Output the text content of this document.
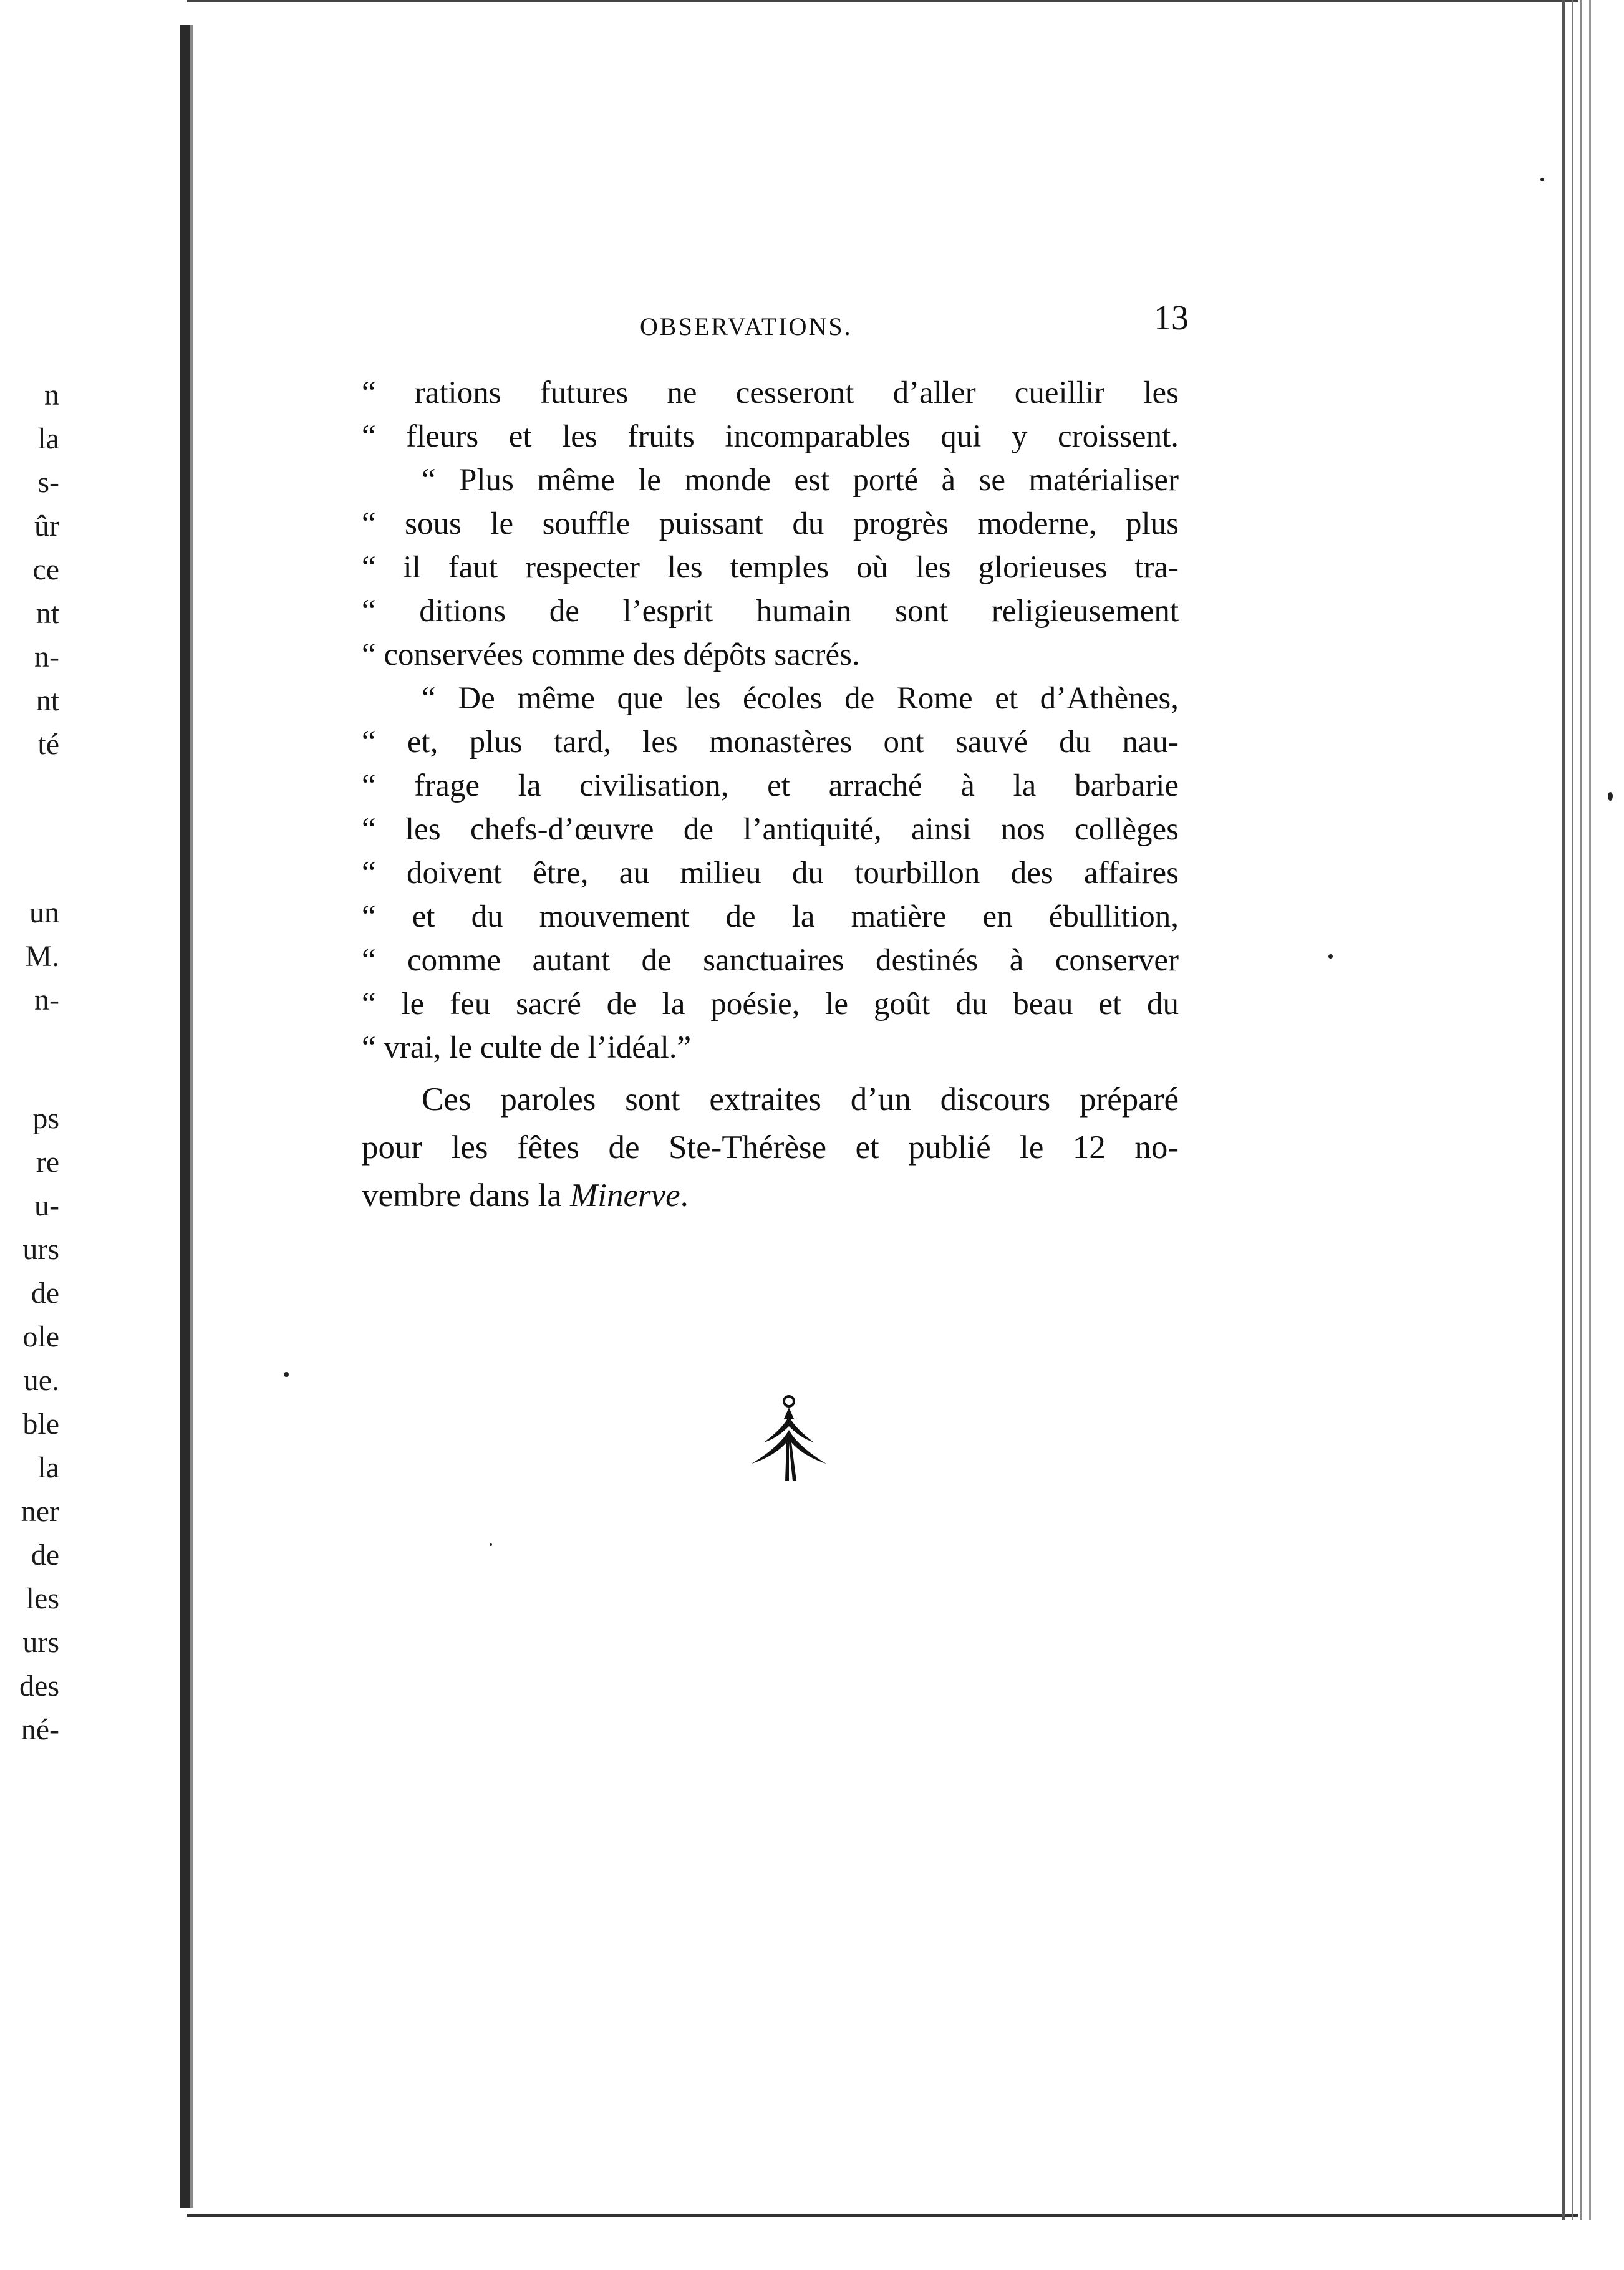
n
la
s-
ûr
ce
nt
n-
nt
té
un
M.
n-
ps
re
u-
urs
de
ole
ue.
ble
la
ner
de
les
urs
des
né-
OBSERVATIONS.	13
“ rations futures ne cesseront d’aller cueillir les
“ fleurs et les fruits incomparables qui y croissent.
“ Plus même le monde est porté à se matérialiser
“ sous le souffle puissant du progrès moderne, plus
“ il faut respecter les temples où les glorieuses tra-
“ ditions de l’esprit humain sont religieusement
“ conservées comme des dépôts sacrés.
“ De même que les écoles de Rome et d’Athènes,
“ et, plus tard, les monastères ont sauvé du nau-
“ frage la civilisation, et arraché à la barbarie
“ les chefs-d’œuvre de l’antiquité, ainsi nos collèges
“ doivent être, au milieu du tourbillon des affaires
“ et du mouvement de la matière en ébullition,
“ comme autant de sanctuaires destinés à conserver
“ le feu sacré de la poésie, le goût du beau et du
“ vrai, le culte de l’idéal.”
Ces paroles sont extraites d’un discours préparé
pour les fêtes de Ste-Thérèse et publié le 12 no-
vembre dans la Minerve.
